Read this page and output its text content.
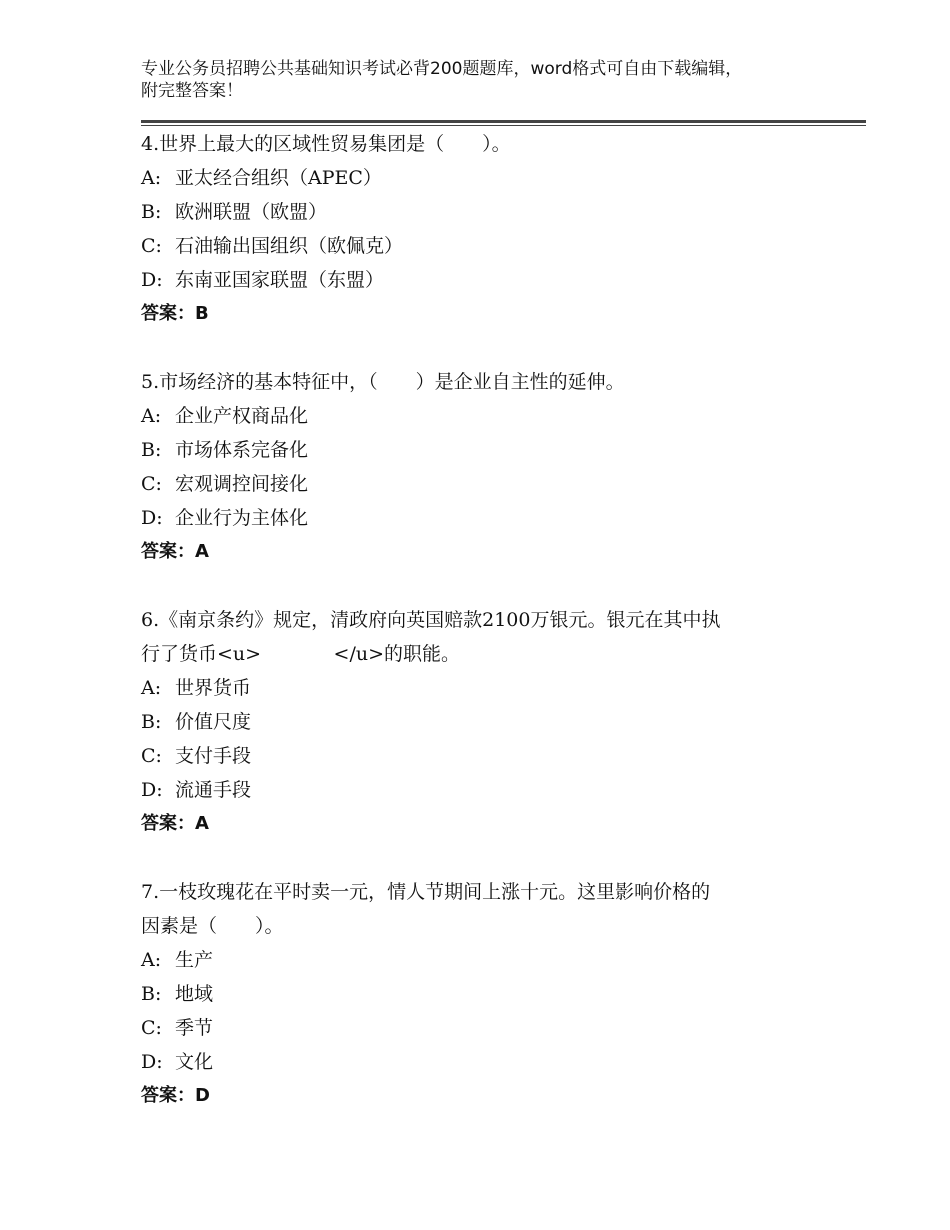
专业公务员招聘公共基础知识考试必背200题题库，word格式可自由下载编辑，
附完整答案！
4.世界上最大的区域性贸易集团是（　　）。
A: 亚太经合组织（APEC）
B: 欧洲联盟（欧盟）
C: 石油输出国组织（欧佩克）
D: 东南亚国家联盟（东盟）
答案：B
5.市场经济的基本特征中，（　　）是企业自主性的延伸。
A: 企业产权商品化
B: 市场体系完备化
C: 宏观调控间接化
D: 企业行为主体化
答案：A
6.《南京条约》规定，清政府向英国赔款2100万银元。银元在其中执
行了货币<u>            </u>的职能。
A: 世界货币
B: 价值尺度
C: 支付手段
D: 流通手段
答案：A
7.一枝玫瑰花在平时卖一元，情人节期间上涨十元。这里影响价格的
因素是（　　）。
A: 生产
B: 地域
C: 季节
D: 文化
答案：D
